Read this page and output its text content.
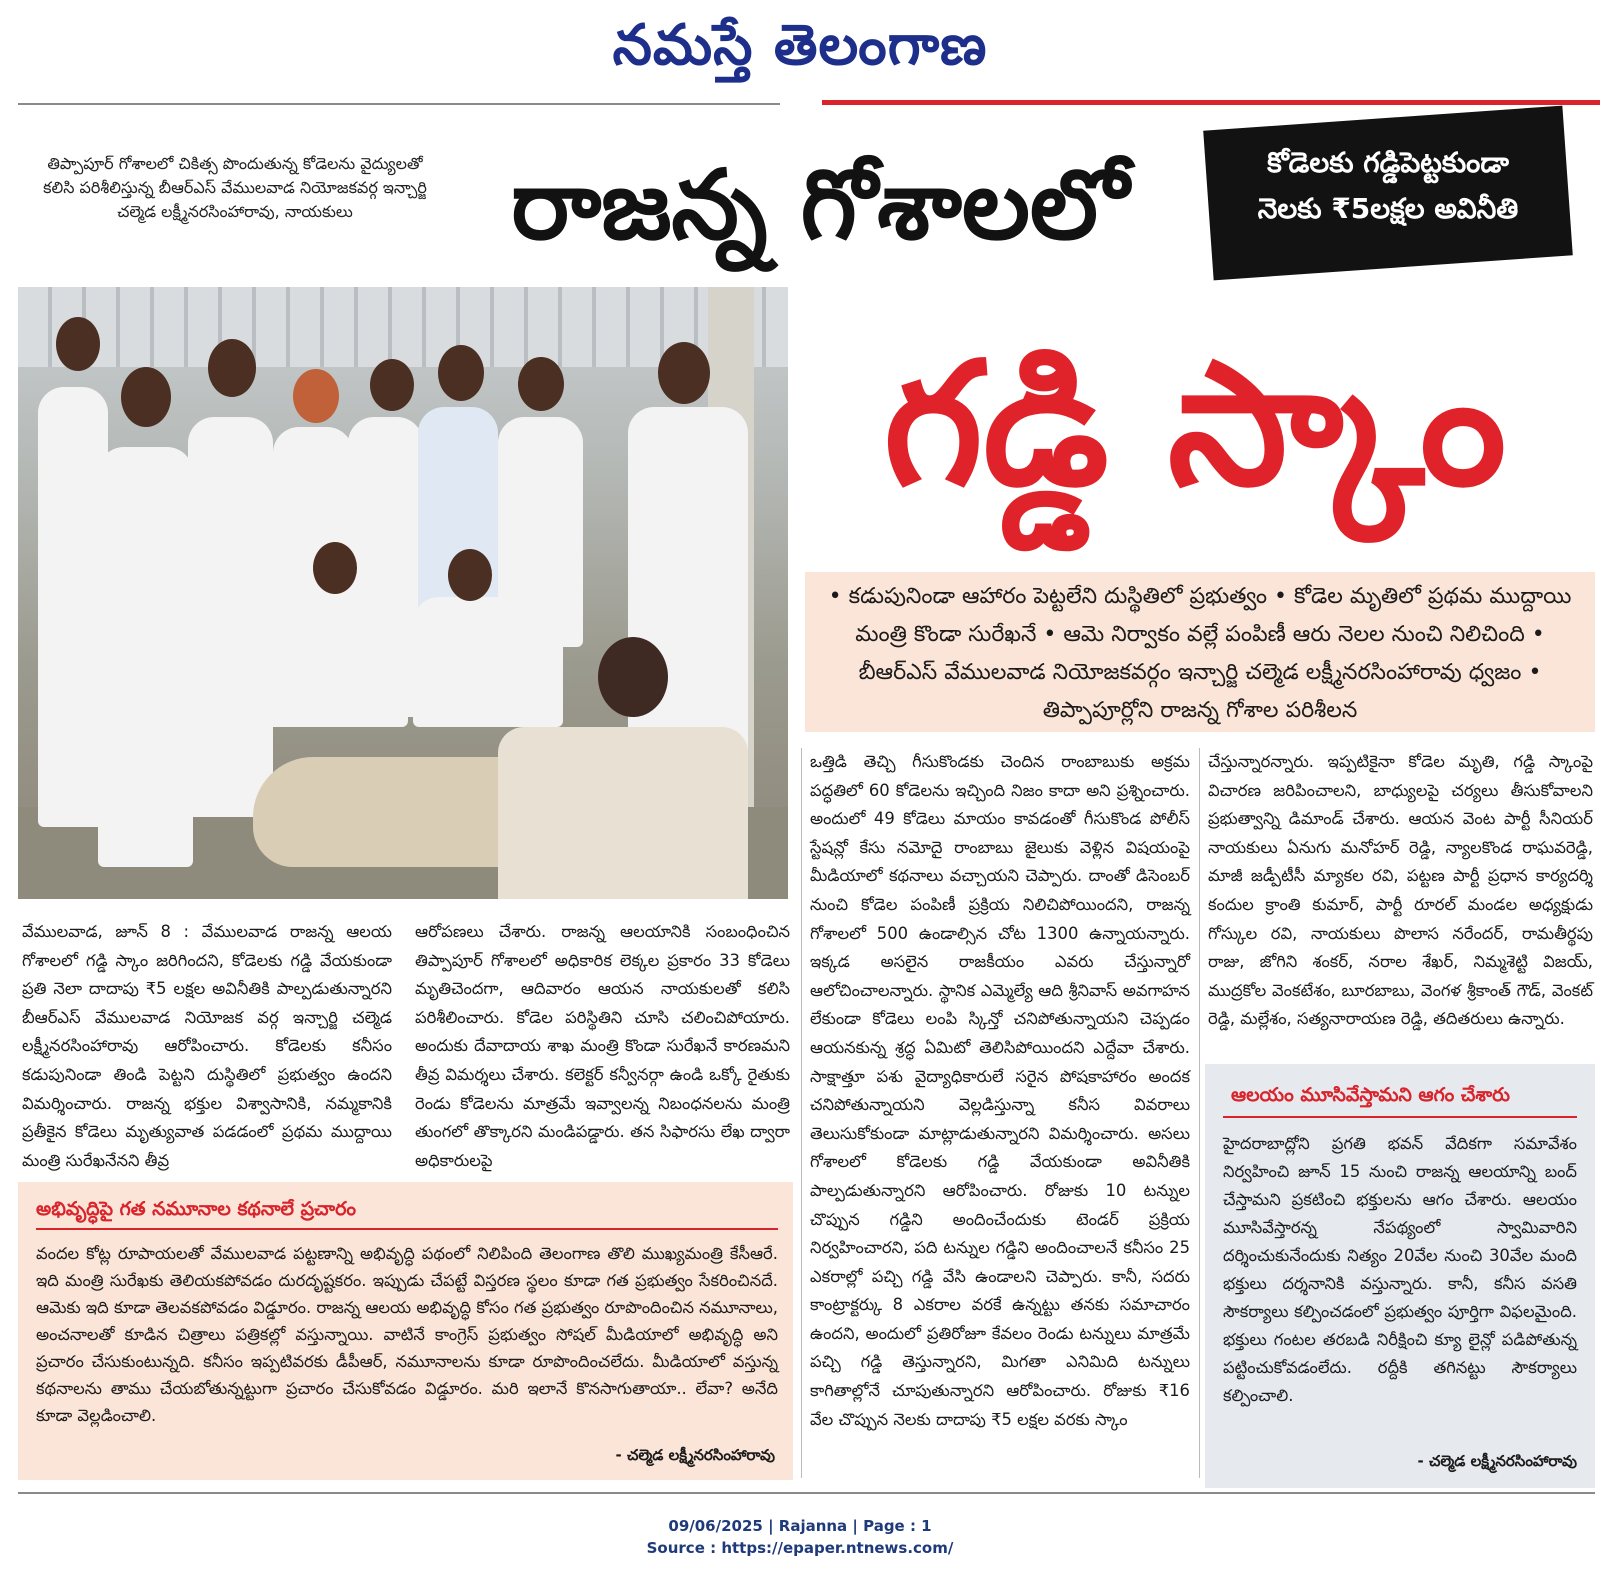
నమస్తే తెలంగాణ
తిప్పాపూర్ గోశాలలో చికిత్స పొందుతున్న కోడెలను వైద్యులతో కలిసి పరిశీలిస్తున్న బీఆర్ఎస్ వేములవాడ నియోజకవర్గ ఇన్చార్జి చల్మెడ లక్ష్మీనరసింహారావు, నాయకులు	రాజన్న గోశాలలో	కోడెలకు గడ్డిపెట్టకుండా
నెలకు ₹5లక్షల అవినీతి
గడ్డి స్కాం
• కడుపునిండా ఆహారం పెట్టలేని దుస్థితిలో ప్రభుత్వం • కోడెల మృతిలో ప్రథమ ముద్దాయి మంత్రి కొండా సురేఖనే • ఆమె నిర్వాకం వల్లే పంపిణీ ఆరు నెలల నుంచి నిలిచింది • బీఆర్ఎస్ వేములవాడ నియోజకవర్గం ఇన్చార్జి చల్మెడ లక్ష్మీనరసింహారావు ధ్వజం • తిప్పాపూర్లోని రాజన్న గోశాల పరిశీలన

వేములవాడ, జూన్ 8 : వేములవాడ రాజన్న ఆలయ గోశాలలో గడ్డి స్కాం జరిగిందని, కోడెలకు గడ్డి వేయకుండా ప్రతి నెలా దాదాపు ₹5 లక్షల అవినీతికి పాల్పడుతున్నారని బీఆర్ఎస్ వేములవాడ నియోజక వర్గ ఇన్చార్జి చల్మెడ లక్ష్మీనరసింహారావు ఆరోపించారు. కోడెలకు కనీసం కడుపునిండా తిండి పెట్టని దుస్థితిలో ప్రభుత్వం ఉందని విమర్శించారు. రాజన్న భక్తుల విశ్వాసానికి, నమ్మకానికి ప్రతీకైన కోడెలు మృత్యువాత పడడంలో ప్రథమ ముద్దాయి మంత్రి సురేఖనేనని తీవ్ర

ఆరోపణలు చేశారు. రాజన్న ఆలయానికి సంబంధించిన తిప్పాపూర్ గోశాలలో అధికారిక లెక్కల ప్రకారం 33 కోడెలు మృతిచెందగా, ఆదివారం ఆయన నాయకులతో కలిసి పరిశీలించారు. కోడెల పరిస్థితిని చూసి చలించిపోయారు. అందుకు దేవాదాయ శాఖ మంత్రి కొండా సురేఖనే కారణమని తీవ్ర విమర్శలు చేశారు. కలెక్టర్ కన్వీనర్గా ఉండి ఒక్కో రైతుకు రెండు కోడెలను మాత్రమే ఇవ్వాలన్న నిబంధనలను మంత్రి తుంగలో తొక్కారని మండిపడ్డారు. తన సిఫారసు లేఖ ద్వారా అధికారులపై

ఒత్తిడి తెచ్చి గీసుకొండకు చెందిన రాంబాబుకు అక్రమ పద్ధతిలో 60 కోడెలను ఇచ్చింది నిజం కాదా అని ప్రశ్నించారు. అందులో 49 కోడెలు మాయం కావడంతో గీసుకొండ పోలీస్ స్టేషన్లో కేసు నమోదై రాంబాబు జైలుకు వెళ్లిన విషయంపై మీడియాలో కథనాలు వచ్చాయని చెప్పారు. దాంతో డిసెంబర్ నుంచి కోడెల పంపిణీ ప్రక్రియ నిలిచిపోయిందని, రాజన్న గోశాలలో 500 ఉండాల్సిన చోట 1300 ఉన్నాయన్నారు. ఇక్కడ అసలైన రాజకీయం ఎవరు చేస్తున్నారో ఆలోచించాలన్నారు. స్థానిక ఎమ్మెల్యే ఆది శ్రీనివాస్ అవగాహన లేకుండా కోడెలు లంపి స్కిన్తో చనిపోతున్నాయని చెప్పడం ఆయనకున్న శ్రద్ధ ఏమిటో తెలిసిపోయిందని ఎద్దేవా చేశారు. సాక్షాత్తూ పశు వైద్యాధికారులే సరైన పోషకాహారం అందక చనిపోతున్నాయని వెల్లడిస్తున్నా కనీస వివరాలు తెలుసుకోకుండా మాట్లాడుతున్నారని విమర్శించారు. అసలు గోశాలలో కోడెలకు గడ్డి వేయకుండా అవినీతికి పాల్పడుతున్నారని ఆరోపించారు. రోజుకు 10 టన్నుల చొప్పున గడ్డిని అందించేందుకు టెండర్ ప్రక్రియ నిర్వహించారని, పది టన్నుల గడ్డిని అందించాలనే కనీసం 25 ఎకరాల్లో పచ్చి గడ్డి వేసి ఉండాలని చెప్పారు. కానీ, సదరు కాంట్రాక్టర్కు 8 ఎకరాల వరకే ఉన్నట్టు తనకు సమాచారం ఉందని, అందులో ప్రతిరోజూ కేవలం రెండు టన్నులు మాత్రమే పచ్చి గడ్డి తెస్తున్నారని, మిగతా ఎనిమిది టన్నులు కాగితాల్లోనే చూపుతున్నారని ఆరోపించారు. రోజుకు ₹16 వేల చొప్పున నెలకు దాదాపు ₹5 లక్షల వరకు స్కాం

చేస్తున్నారన్నారు. ఇప్పటికైనా కోడెల మృతి, గడ్డి స్కాంపై విచారణ జరిపించాలని, బాధ్యులపై చర్యలు తీసుకోవాలని ప్రభుత్వాన్ని డిమాండ్ చేశారు. ఆయన వెంట పార్టీ సీనియర్ నాయకులు ఏనుగు మనోహర్ రెడ్డి, న్యాలకొండ రాఘవరెడ్డి, మాజీ జడ్పీటీసీ మ్యాకల రవి, పట్టణ పార్టీ ప్రధాన కార్యదర్శి కందుల క్రాంతి కుమార్, పార్టీ రూరల్ మండల అధ్యక్షుడు గోస్కుల రవి, నాయకులు పొలాస నరేందర్, రామతీర్థపు రాజు, జోగిని శంకర్, నరాల శేఖర్, నిమ్మశెట్టి విజయ్, ముద్రకోల వెంకటేశం, బూరబాబు, వెంగళ శ్రీకాంత్ గౌడ్, వెంకట్ రెడ్డి, మల్లేశం, సత్యనారాయణ రెడ్డి, తదితరులు ఉన్నారు.

అభివృద్ధిపై గత నమూనాల కథనాలే ప్రచారం
వందల కోట్ల రూపాయలతో వేములవాడ పట్టణాన్ని అభివృద్ధి పథంలో నిలిపింది తెలంగాణ తొలి ముఖ్యమంత్రి కేసీఆరే. ఇది మంత్రి సురేఖకు తెలియకపోవడం దురదృష్టకరం. ఇప్పుడు చేపట్టే విస్తరణ స్థలం కూడా గత ప్రభుత్వం సేకరించినదే. ఆమెకు ఇది కూడా తెలవకపోవడం విడ్డూరం. రాజన్న ఆలయ అభివృద్ధి కోసం గత ప్రభుత్వం రూపొందించిన నమూనాలు, అంచనాలతో కూడిన చిత్రాలు పత్రికల్లో వస్తున్నాయి. వాటినే కాంగ్రెస్ ప్రభుత్వం సోషల్ మీడియాలో అభివృద్ధి అని ప్రచారం చేసుకుంటున్నది. కనీసం ఇప్పటివరకు డీపీఆర్, నమూనాలను కూడా రూపొందించలేదు. మీడియాలో వస్తున్న కథనాలను తాము చేయబోతున్నట్టుగా ప్రచారం చేసుకోవడం విడ్డూరం. మరి ఇలానే కొనసాగుతాయా.. లేవా? అనేది కూడా వెల్లడించాలి.
- చల్మెడ లక్ష్మీనరసింహారావు
ఆలయం మూసివేస్తామని ఆగం చేశారు
హైదరాబాద్లోని ప్రగతి భవన్ వేదికగా సమావేశం నిర్వహించి జూన్ 15 నుంచి రాజన్న ఆలయాన్ని బంద్ చేస్తామని ప్రకటించి భక్తులను ఆగం చేశారు. ఆలయం మూసివేస్తారన్న నేపథ్యంలో స్వామివారిని దర్శించుకునేందుకు నిత్యం 20వేల నుంచి 30వేల మంది భక్తులు దర్శనానికి వస్తున్నారు. కానీ, కనీస వసతి సౌకర్యాలు కల్పించడంలో ప్రభుత్వం పూర్తిగా విఫలమైంది. భక్తులు గంటల తరబడి నిరీక్షించి క్యూ లైన్లో పడిపోతున్న పట్టించుకోవడంలేదు. రద్దీకి తగినట్టు సౌకర్యాలు కల్పించాలి.
- చల్మెడ లక్ష్మీనరసింహారావు
09/06/2025 | Rajanna | Page : 1
Source : https://epaper.ntnews.com/
